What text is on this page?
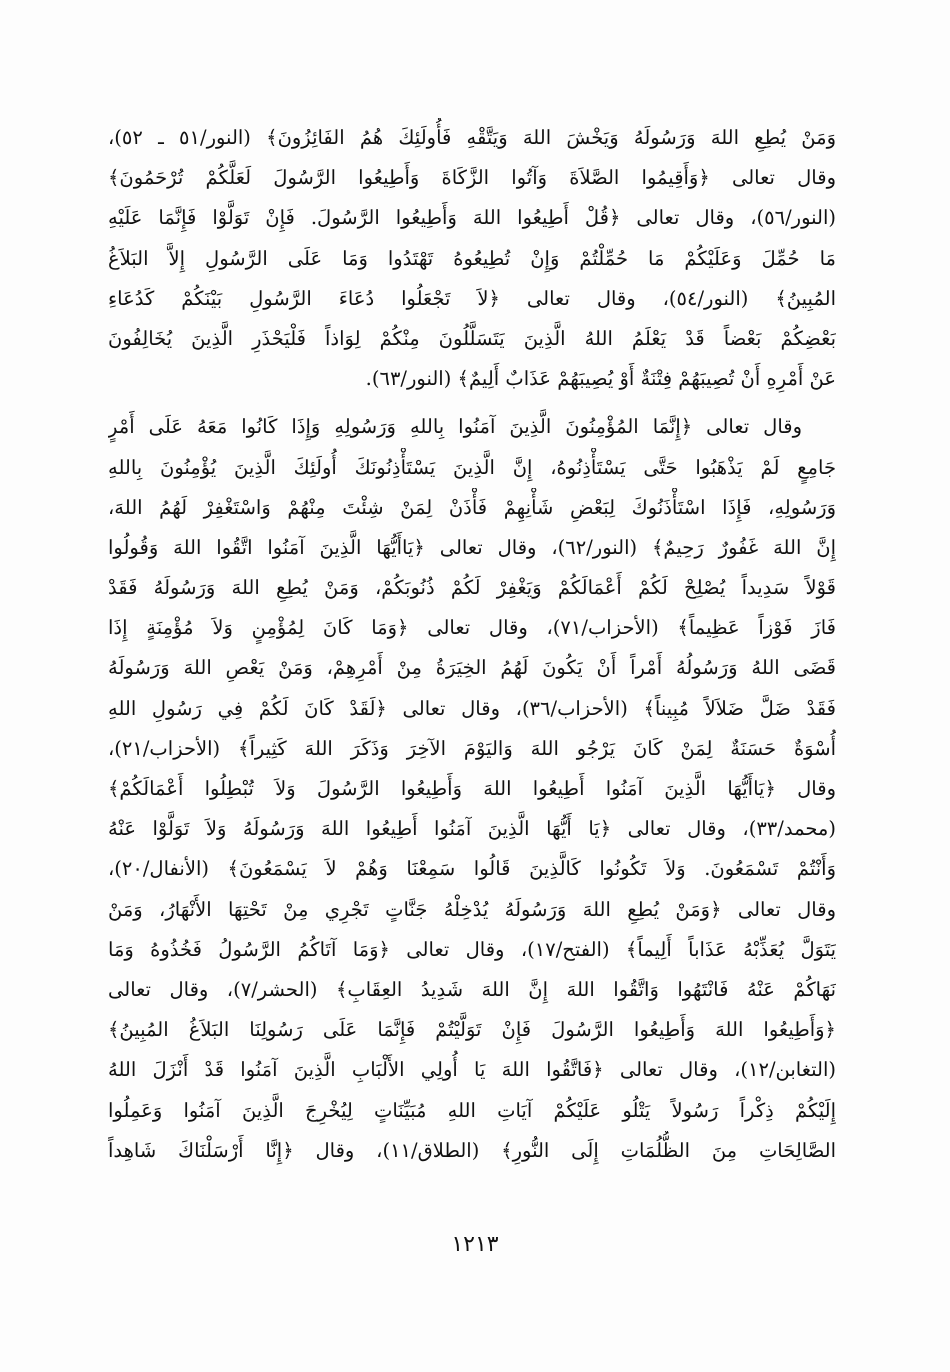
وَمَنْ يُطِعِ اللهَ وَرَسُولَهُ وَيَخْشَ اللهَ وَيَتَّقْهِ فَأُولَئِكَ هُمُ الفَائِزُونَ﴾ (النور/٥١ ـ ٥٢)،
وقال تعالى ﴿وَأَقِيمُوا الصَّلاَةَ وَآتُوا الزَّكَاةَ وَأَطِيعُوا الرَّسُولَ لَعَلَّكُمْ تُرْحَمُونَ﴾
(النور/٥٦)، وقال تعالى ﴿قُلْ أَطِيعُوا اللهَ وَأَطِيعُوا الرَّسُولَ. فَإِنْ تَوَلَّوْا فَإِنَّمَا عَلَيْهِ
مَا حُمِّلَ وَعَلَيْكُمْ مَا حُمِّلْتُمْ وَإِنْ تُطِيعُوهُ تَهْتَدُوا وَمَا عَلَى الرَّسُولِ إِلاَّ البَلاَغُ
المُبِينُ﴾ (النور/٥٤)، وقال تعالى ﴿لاَ تَجْعَلُوا دُعَاءَ الرَّسُولِ بَيْنَكُمْ كَدُعَاءِ
بَعْضِكُمْ بَعْضاً قَدْ يَعْلَمُ اللهُ الَّذِينَ يَتَسَلَّلُونَ مِنْكُمْ لِوَاذاً فَلْيَحْذَرِ الَّذِينَ يُخَالِفُونَ
عَنْ أَمْرِهِ أَنْ تُصِيبَهُمْ فِتْنَةٌ أَوْ يُصِيبَهُمْ عَذَابٌ أَلِيمٌ﴾ (النور/٦٣).
وقال تعالى ﴿إِنَّمَا المُؤْمِنُونَ الَّذِينَ آمَنُوا بِاللهِ وَرَسُولِهِ وَإِذَا كَانُوا مَعَهُ عَلَى أَمْرٍ
جَامِعٍ لَمْ يَذْهَبُوا حَتَّى يَسْتَأْذِنُوهُ، إِنَّ الَّذِينَ يَسْتَأْذِنُونَكَ أُولَئِكَ الَّذِينَ يُؤْمِنُونَ بِاللهِ
وَرَسُولِهِ، فَإِذَا اسْتَأْذَنُوكَ لِبَعْضِ شَأْنِهِمْ فَأْذَنْ لِمَنْ شِئْتَ مِنْهُمْ وَاسْتَغْفِرْ لَهُمُ اللهَ،
إِنَّ اللهَ غَفُورٌ رَحِيمٌ﴾ (النور/٦٢)، وقال تعالى ﴿يَاأَيُّهَا الَّذِينَ آمَنُوا اتَّقُوا اللهَ وَقُولُوا
قَوْلاً سَدِيداً يُصْلِحْ لَكُمْ أَعْمَالَكُمْ وَيَغْفِرْ لَكُمْ ذُنُوبَكُمْ، وَمَنْ يُطِعِ اللهَ وَرَسُولَهُ فَقَدْ
فَازَ فَوْزاً عَظِيماً﴾ (الأحزاب/٧١)، وقال تعالى ﴿وَمَا كَانَ لِمُؤْمِنٍ وَلاَ مُؤْمِنَةٍ إِذَا
قَضَى اللهُ وَرَسُولُهُ أَمْراً أَنْ يَكُونَ لَهُمُ الخِيَرَةُ مِنْ أَمْرِهِمْ، وَمَنْ يَعْصِ اللهَ وَرَسُولَهُ
فَقَدْ ضَلَّ ضَلاَلاً مُبِيناً﴾ (الأحزاب/٣٦)، وقال تعالى ﴿لَقَدْ كَانَ لَكُمْ فِي رَسُولِ اللهِ
أُسْوَةٌ حَسَنَةٌ لِمَنْ كَانَ يَرْجُو اللهَ وَاليَوْمَ الآخِرَ وَذَكَرَ اللهَ كَثِيراً﴾ (الأحزاب/٢١)،
وقال ﴿يَاأَيُّهَا الَّذِينَ آمَنُوا أَطِيعُوا اللهَ وَأَطِيعُوا الرَّسُولَ وَلاَ تُبْطِلُوا أَعْمَالَكُمْ﴾
(محمد/٣٣)، وقال تعالى ﴿يَا أَيُّهَا الَّذِينَ آمَنُوا أَطِيعُوا اللهَ وَرَسُولَهُ وَلاَ تَوَلَّوْا عَنْهُ
وَأَنْتُمْ تَسْمَعُونَ. وَلاَ تَكُونُوا كَالَّذِينَ قَالُوا سَمِعْنَا وَهُمْ لاَ يَسْمَعُونَ﴾ (الأنفال/٢٠)،
وقال تعالى ﴿وَمَنْ يُطِعِ اللهَ وَرَسُولَهُ يُدْخِلْهُ جَنَّاتٍ تَجْرِي مِنْ تَحْتِهَا الأَنْهَارُ، وَمَنْ
يَتَوَلَّ يُعَذِّبْهُ عَذَاباً أَلِيماً﴾ (الفتح/١٧)، وقال تعالى ﴿وَمَا آتَاكُمُ الرَّسُولُ فَخُذُوهُ وَمَا
نَهَاكُمْ عَنْهُ فَانْتَهُوا وَاتَّقُوا اللهَ إِنَّ اللهَ شَدِيدُ العِقَابِ﴾ (الحشر/٧)، وقال تعالى
﴿وَأَطِيعُوا اللهَ وَأَطِيعُوا الرَّسُولَ فَإِنْ تَوَلَّيْتُمْ فَإِنَّمَا عَلَى رَسُولِنَا البَلاَغُ المُبِينُ﴾
(التغابن/١٢)، وقال تعالى ﴿فَاتَّقُوا اللهَ يَا أُولِي الأَلْبَابِ الَّذِينَ آمَنُوا قَدْ أَنْزَلَ اللهُ
إِلَيْكُمْ ذِكْراً رَسُولاً يَتْلُو عَلَيْكُمْ آيَاتِ اللهِ مُبَيِّنَاتٍ لِيُخْرِجَ الَّذِينَ آمَنُوا وَعَمِلُوا
الصَّالِحَاتِ مِنَ الظُّلُمَاتِ إِلَى النُّورِ﴾ (الطلاق/١١)، وقال ﴿إِنَّا أَرْسَلْنَاكَ شَاهِداً
١٢١٣
